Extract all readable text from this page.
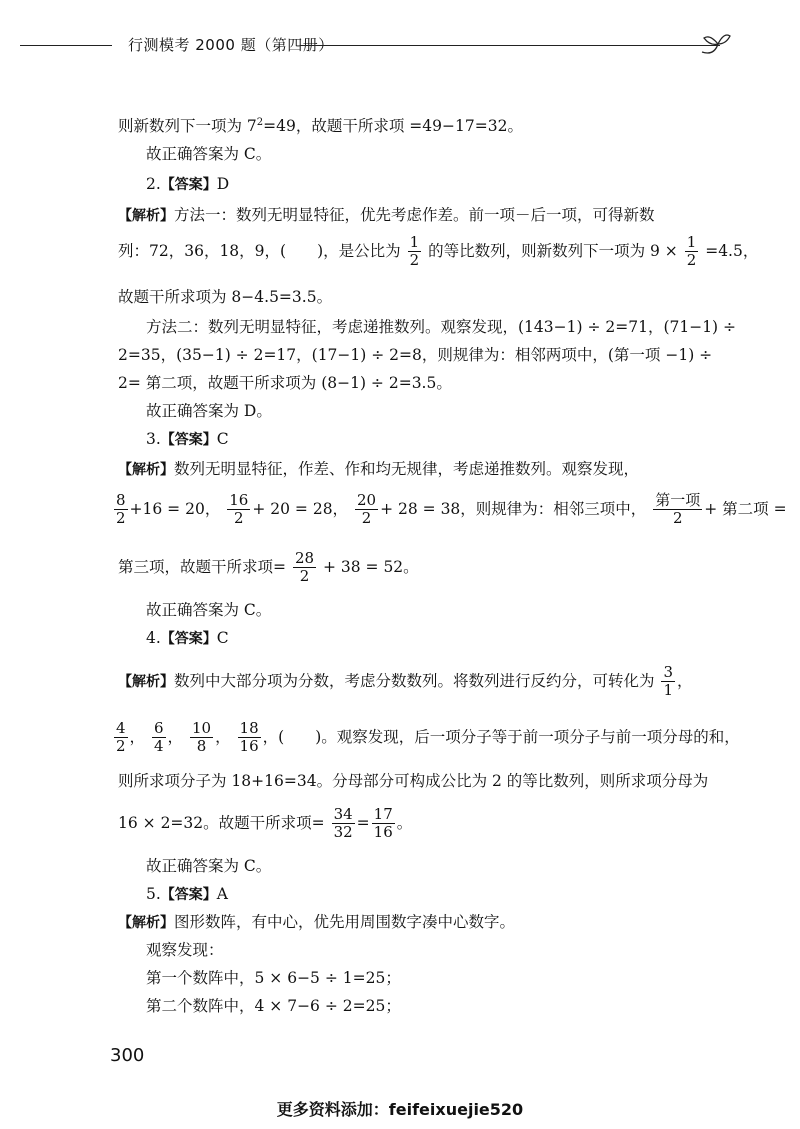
行测模考 2000 题（第四册）
则新数列下一项为 $7^2=49$，故题干所求项 =49−17=32。
故正确答案为 C。
2.【答案】D
【解析】方法一：数列无明显特征，优先考虑作差。前一项－后一项，可得新数
列：72，36，18，9，(　　)，是公比为 $\frac{1}{2}$ 的等比数列，则新数列下一项为 $9 \times \frac{1}{2} =4.5$，
故题干所求项为 8−4.5=3.5。
方法二：数列无明显特征，考虑递推数列。观察发现，(143−1) ÷ 2=71，(71−1) ÷
2=35，(35−1) ÷ 2=17，(17−1) ÷ 2=8，则规律为：相邻两项中，(第一项 −1) ÷
2= 第二项，故题干所求项为 (8−1) ÷ 2=3.5。
故正确答案为 D。
3.【答案】C
【解析】数列无明显特征，作差、作和均无规律，考虑递推数列。观察发现，
$\frac{8}{2} +16 = 20$， $\frac{16}{2} + 20 = 28$， $\frac{20}{2} + 28 = 38$，则规律为：相邻三项中， $\frac{\text{第一项}}{2}$ + 第二项 =
第三项，故题干所求项= $\frac{28}{2} + 38 = 52$。
故正确答案为 C。
4.【答案】C
【解析】数列中大部分项为分数，考虑分数数列。将数列进行反约分，可转化为 $\frac{3}{1}$ ，
$\frac{4}{2}$ ， $\frac{6}{4}$ ， $\frac{10}{8}$ ， $\frac{18}{16}$ ，(　　)。观察发现，后一项分子等于前一项分子与前一项分母的和，
则所求项分子为 18+16=34。分母部分可构成公比为 2 的等比数列，则所求项分母为
16 × 2=32。故题干所求项= $\frac{34}{32} = \frac{17}{16}$ 。
故正确答案为 C。
5.【答案】A
【解析】图形数阵，有中心，优先用周围数字凑中心数字。
观察发现：
第一个数阵中，5 × 6−5 ÷ 1=25；
第二个数阵中，4 × 7−6 ÷ 2=25；
300
更多资料添加：feifeixuejie520
